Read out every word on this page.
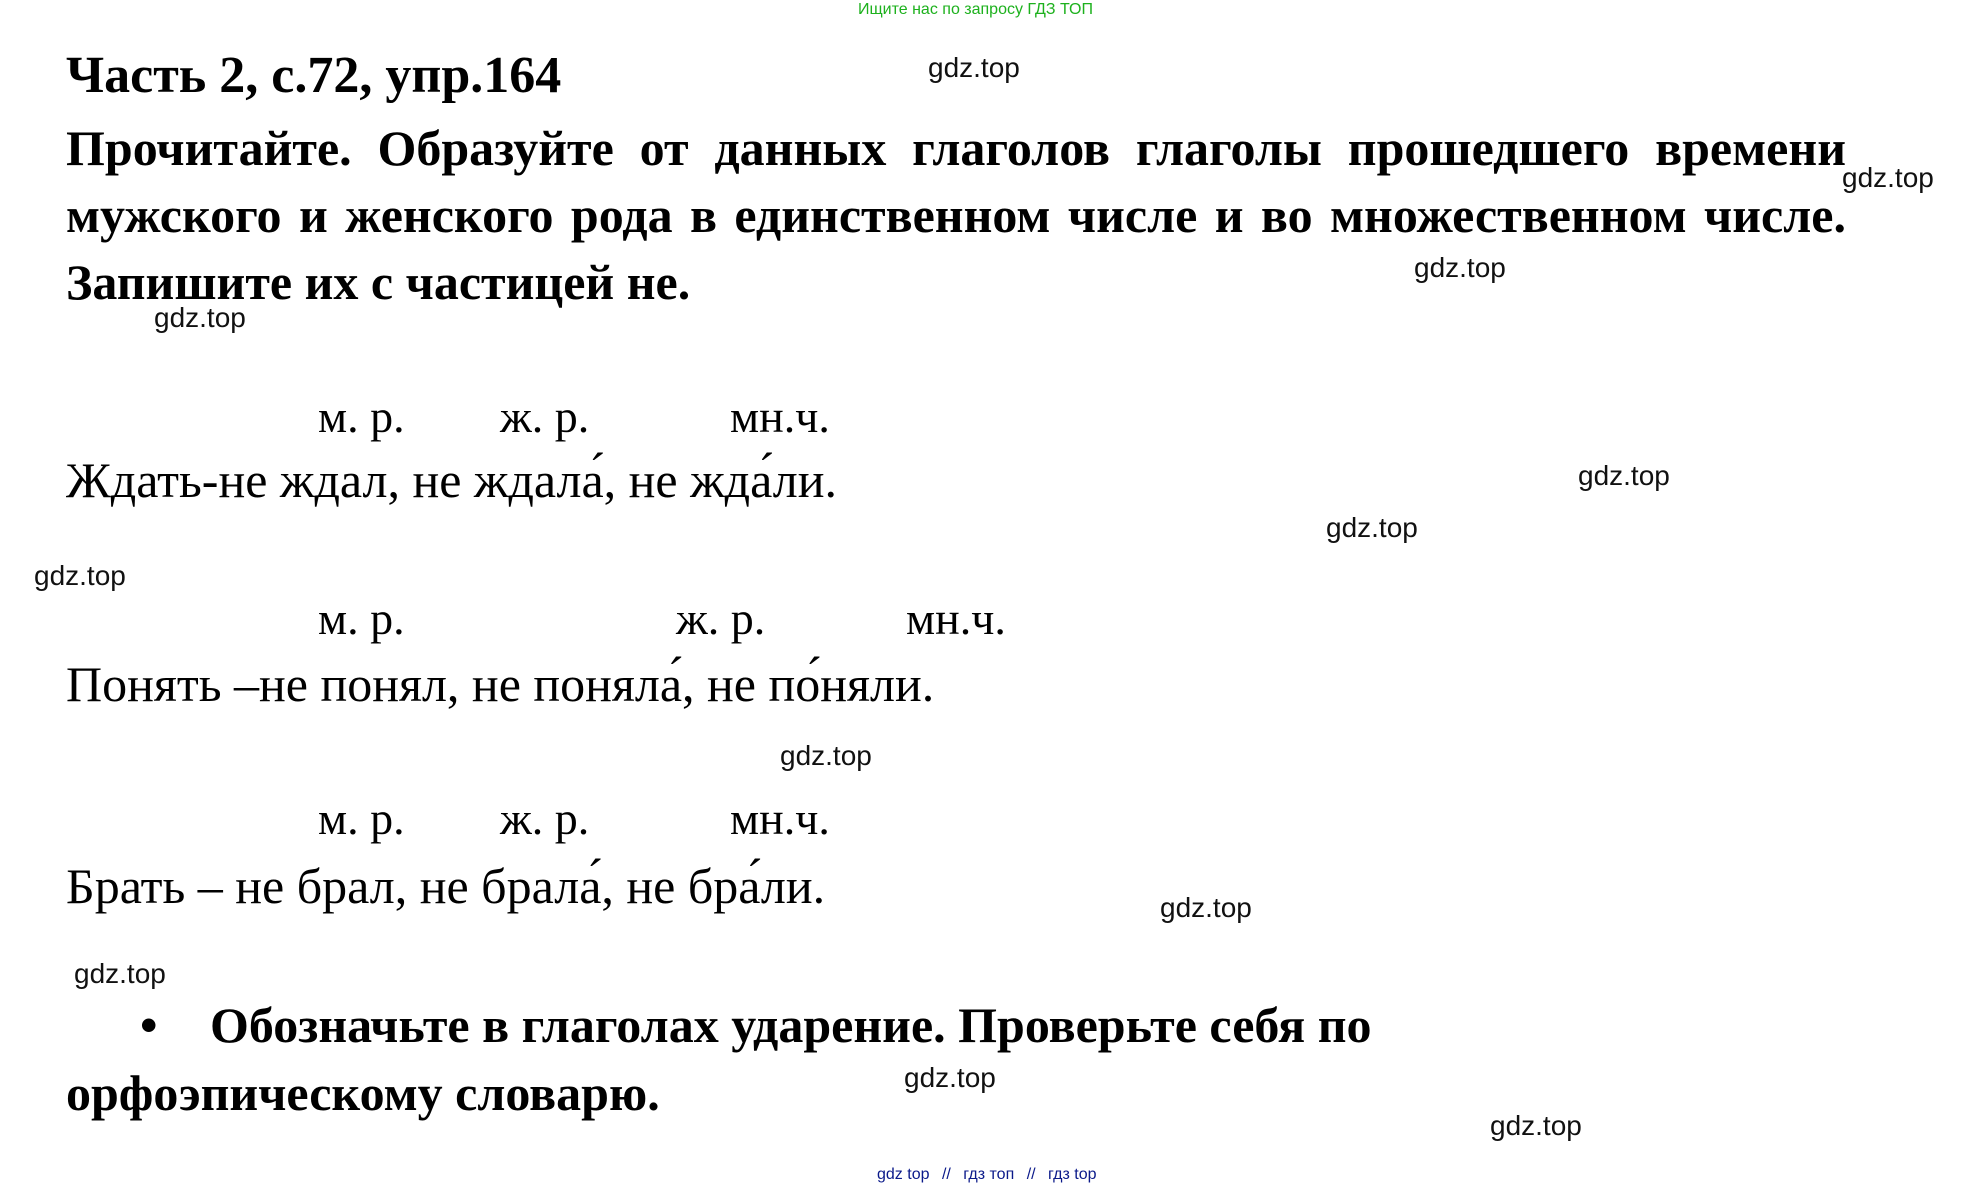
Ищите нас по запросу ГДЗ ТОП
Часть 2, с.72, упр.164
Прочитайте. Образуйте от данных глаголов глаголы прошедшего времени мужского и женского рода в единственном числе и во множественном числе. Запишите их с частицей не.
м. р. ж. р.	мн.ч.
Ждать-не ждал, не ждала́, не жда́ли.
м. р.	ж. р.	мн.ч.
Понять –не понял, не поняла́, не по́няли.
м. р. ж. р.	мн.ч.
Брать – не брал, не брала́, не бра́ли.
• Обозначьте в глаголах ударение. Проверьте себя по
орфоэпическому словарю.
gdz.top
gdz.top
gdz.top
gdz.top
gdz.top
gdz.top
gdz.top
gdz.top
gdz.top
gdz.top
gdz.top
gdz.top
gdz top // гдз топ // гдз top
